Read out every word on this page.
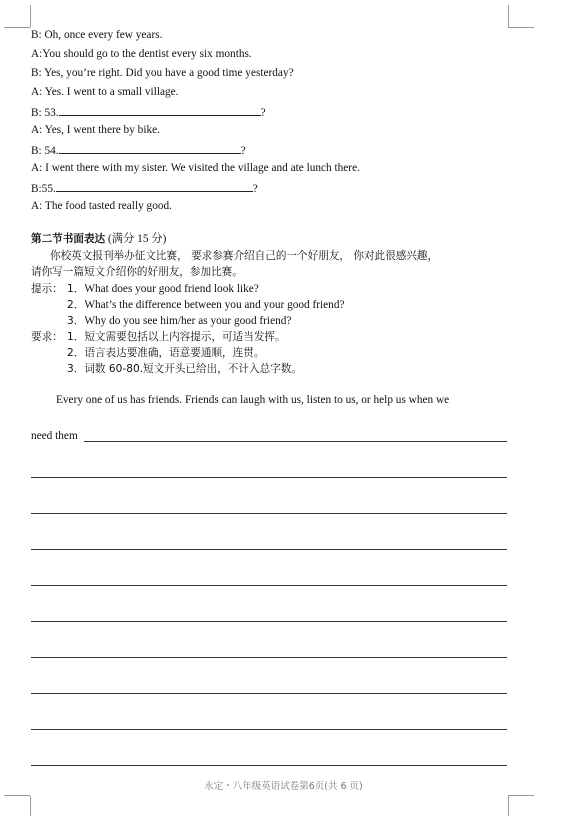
B: Oh, once every few years.
A:You should go to the dentist every six months.
B: Yes, you’re right. Did you have a good time yesterday?
A: Yes. I went to a small village.
B: 53.	?
A: Yes, I went there by bike.
B: 54.	?
A: I went there with my sister. We visited the village and ate lunch there.
B:55.	?
A: The food tasted really good.
第二节书面表达 (满分 15 分)
你校英文报刊举办征文比赛， 要求参赛介绍自己的一个好朋友， 你对此很感兴趣，
请你写一篇短文介绍你的好朋友，参加比赛。
提示： 1．What does your good friend look like?
2．What’s the difference between you and your good friend?
3．Why do you see him/her as your good friend?
要求： 1．短文需要包括以上内容提示，可适当发挥。
2．语言表达要准确，语意要通顺，连贯。
3．词数 60-80.短文开头已给出，不计入总字数。
Every one of us has friends. Friends can laugh with us, listen to us, or help us when we
need them
永定・八年级英语试卷第6页(共 6 页)
